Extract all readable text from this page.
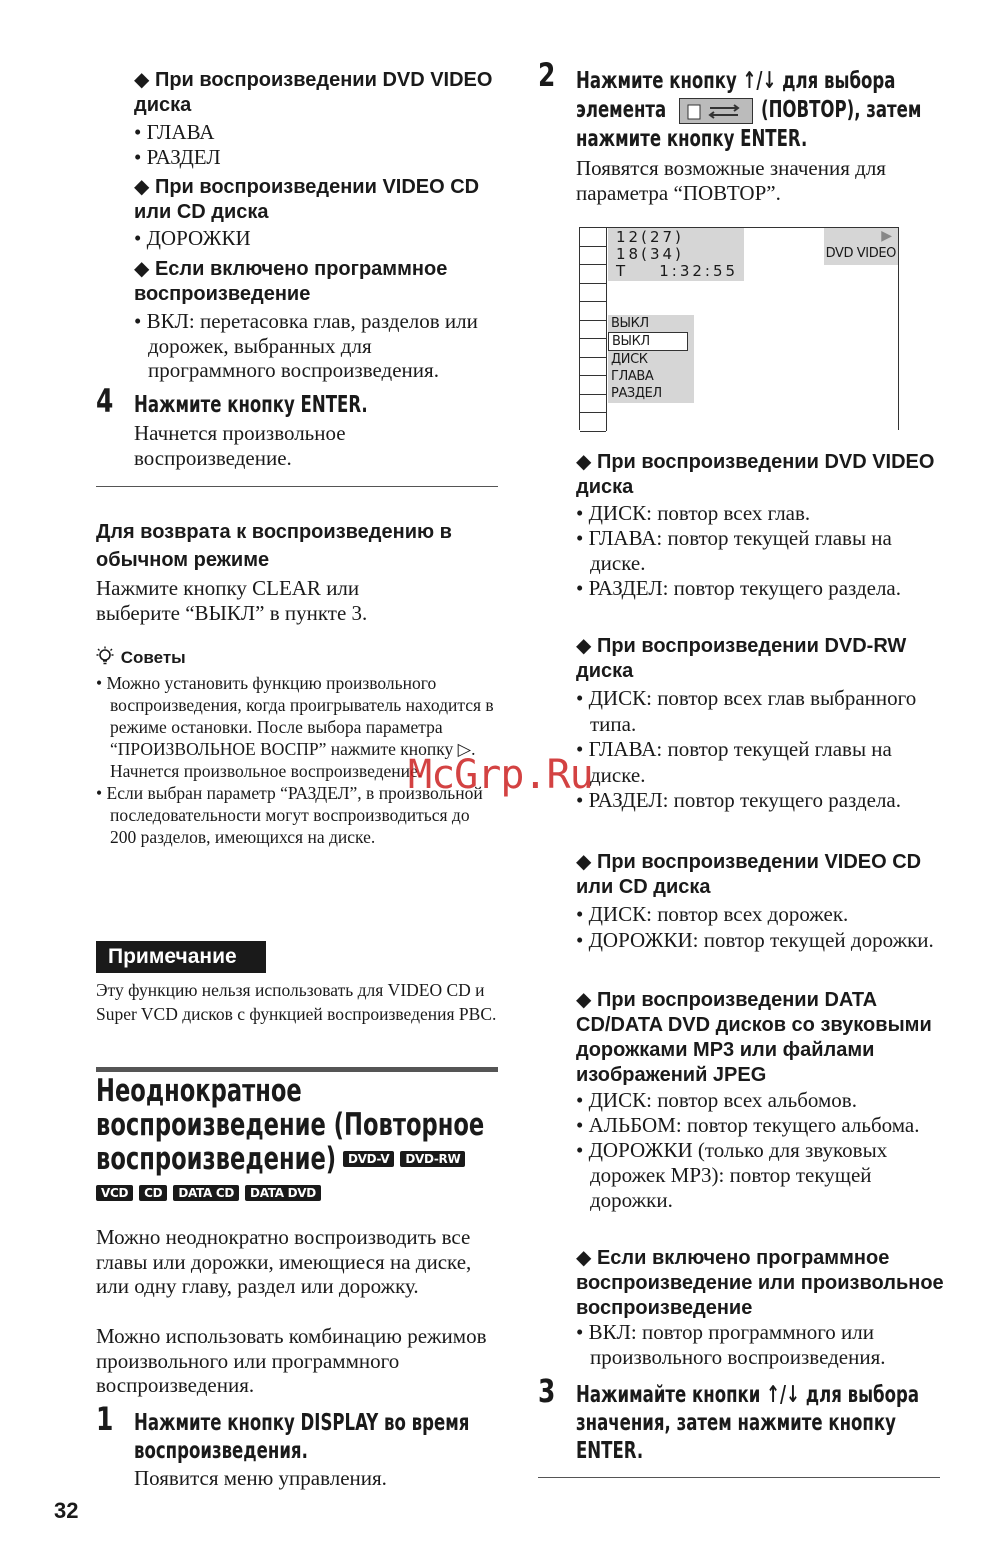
◆ При воспроизведении DVD VIDEO диска
• ГЛАВА
• РАЗДЕЛ
◆ При воспроизведении VIDEO CD или CD диска
• ДОРОЖКИ
◆ Если включено программное воспроизведение
• ВКЛ: перетасовка глав, разделов или дорожек, выбранных для программного воспроизведения.
4 Нажмите кнопку ENTER.
Начнется произвольное воспроизведение.
Для возврата к воспроизведению в обычном режиме
Нажмите кнопку CLEAR или выберите “ВЫКЛ” в пункте 3.
Советы
• Можно установить функцию произвольного воспроизведения, когда проигрыватель находится в режиме остановки. После выбора параметра “ПРОИЗВОЛЬНОЕ ВОСПР” нажмите кнопку ▷. Начнется произвольное воспроизведение.
• Если выбран параметр “РАЗДЕЛ”, в произвольной последовательности могут воспроизводиться до 200 разделов, имеющихся на диске.
Примечание
Эту функцию нельзя использовать для VIDEO CD и Super VCD дисков с функцией воспроизведения PBC.
Неоднократное
воспроизведение (Повторное
воспроизведение) DVD-V DVD-RW
VCD CD DATA CD DATA DVD
Можно неоднократно воспроизводить все главы или дорожки, имеющиеся на диске, или одну главу, раздел или дорожку.
Можно использовать комбинацию режимов произвольного или программного воспроизведения.
1 Нажмите кнопку DISPLAY во время воспроизведения.
Появится меню управления.
32
2 Нажмите кнопку ↑/↓ для выбора
элемента	(ПОВТОР), затем
нажмите кнопку ENTER.
Появятся возможные значения для параметра “ПОВТОР”.
12(27)
18(34)
T    1:32:55
▶
DVD VIDEO
ВЫКЛ
ВЫКЛ
ДИСК
ГЛАВА
РАЗДЕЛ
◆ При воспроизведении DVD VIDEO диска
• ДИСК: повтор всех глав.
• ГЛАВА: повтор текущей главы на диске.
• РАЗДЕЛ: повтор текущего раздела.
◆ При воспроизведении DVD-RW диска
• ДИСК: повтор всех глав выбранного типа.
• ГЛАВА: повтор текущей главы на диске.
• РАЗДЕЛ: повтор текущего раздела.
◆ При воспроизведении VIDEO CD или CD диска
• ДИСК: повтор всех дорожек.
• ДОРОЖКИ: повтор текущей дорожки.
◆ При воспроизведении DATA CD/DATA DVD дисков со звуковыми дорожками MP3 или файлами изображений JPEG
• ДИСК: повтор всех альбомов.
• АЛЬБОМ: повтор текущего альбома.
• ДОРОЖКИ (только для звуковых дорожек MP3): повтор текущей дорожки.
◆ Если включено программное воспроизведение или произвольное воспроизведение
• ВКЛ: повтор программного или произвольного воспроизведения.
3 Нажимайте кнопки ↑/↓ для выбора значения, затем нажмите кнопку ENTER.
McGrp.Ru
